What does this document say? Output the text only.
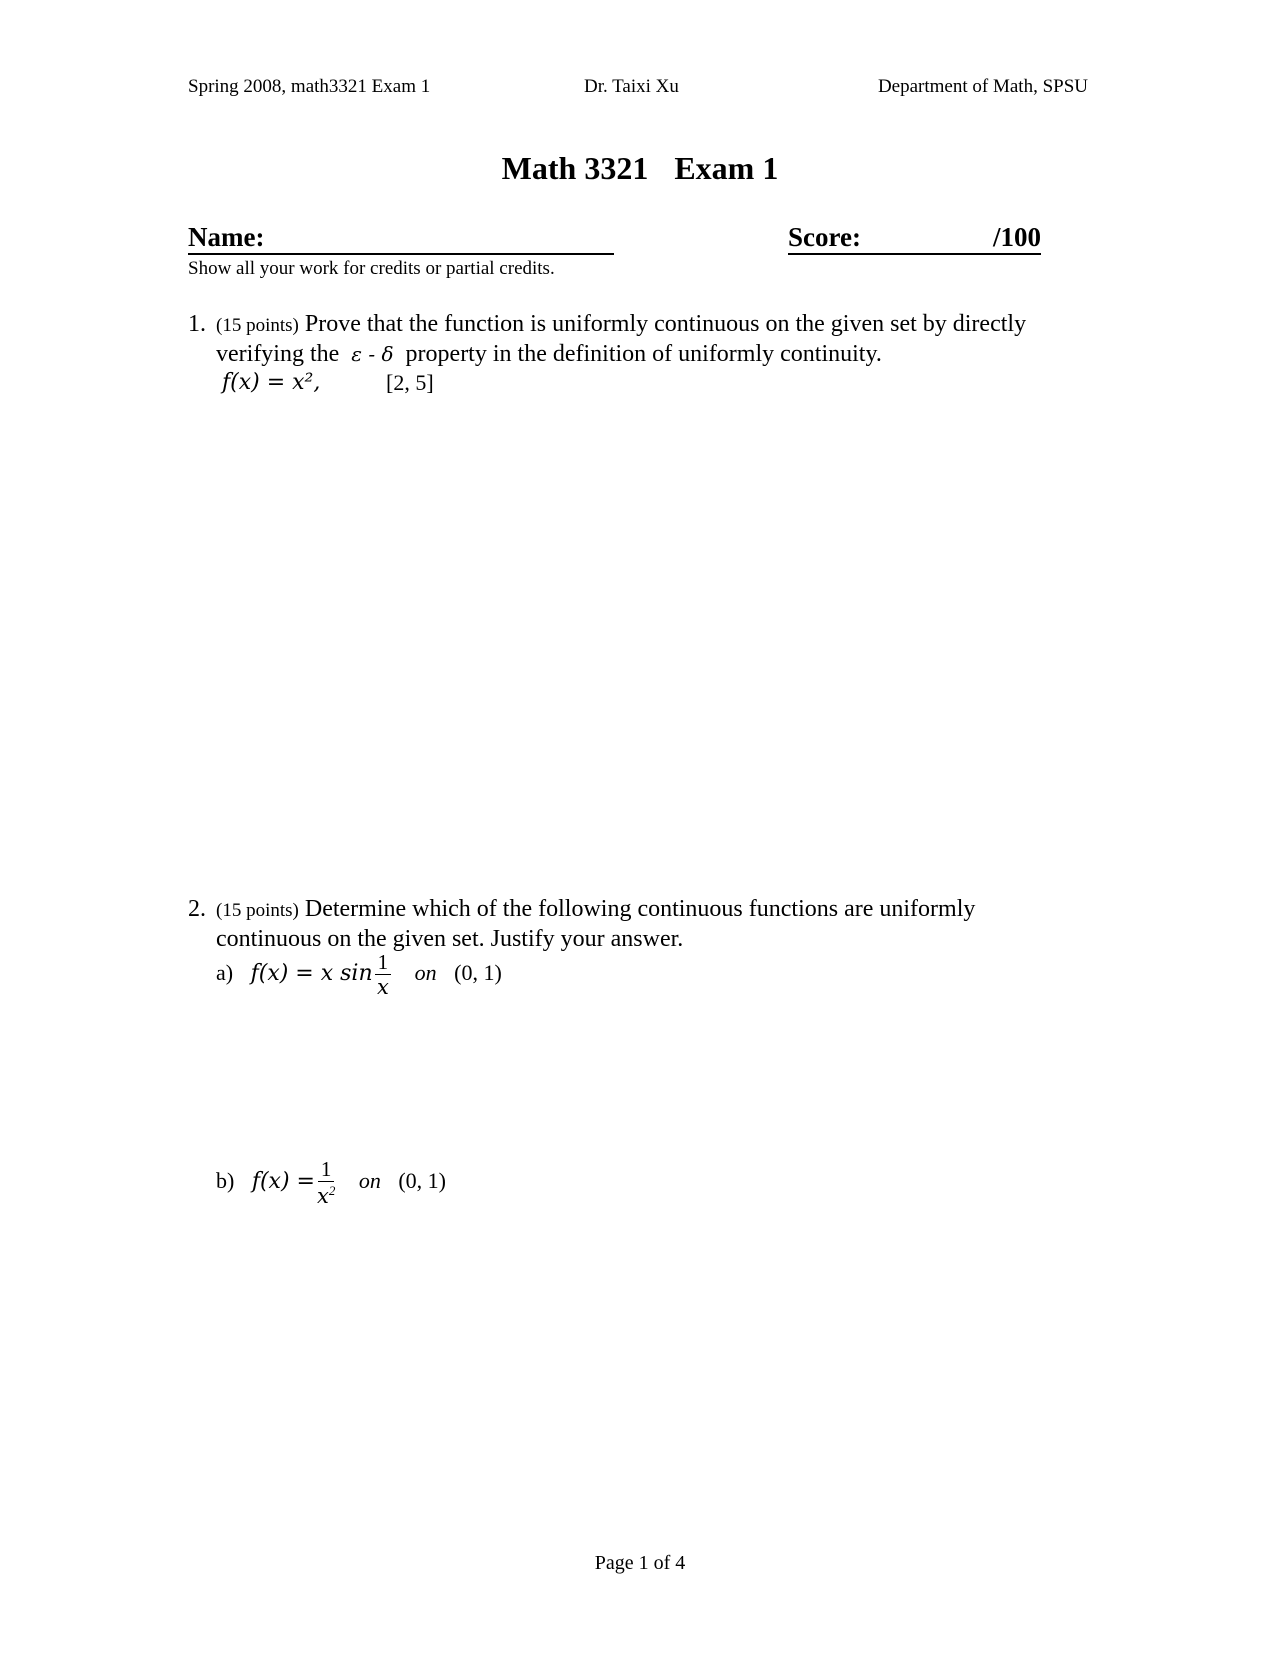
Spring 2008, math3321 Exam 1	Dr. Taixi Xu	Department of Math, SPSU
Math 3321 Exam 1
Name:	Score:	/100
Show all your work for credits or partial credits.
1. (15 points) Prove that the function is uniformly continuous on the given set by directly
verifying the ε - δ property in the definition of uniformly continuity.
f(x) = x²,	[2, 5]
2. (15 points) Determine which of the following continuous functions are uniformly
continuous on the given set. Justify your answer.
a) f(x) = x $\sin \frac{1}{x}$ on (0, 1)
b) $f(x) = \frac{1}{x^2}$ on (0, 1)
Page 1 of 4
